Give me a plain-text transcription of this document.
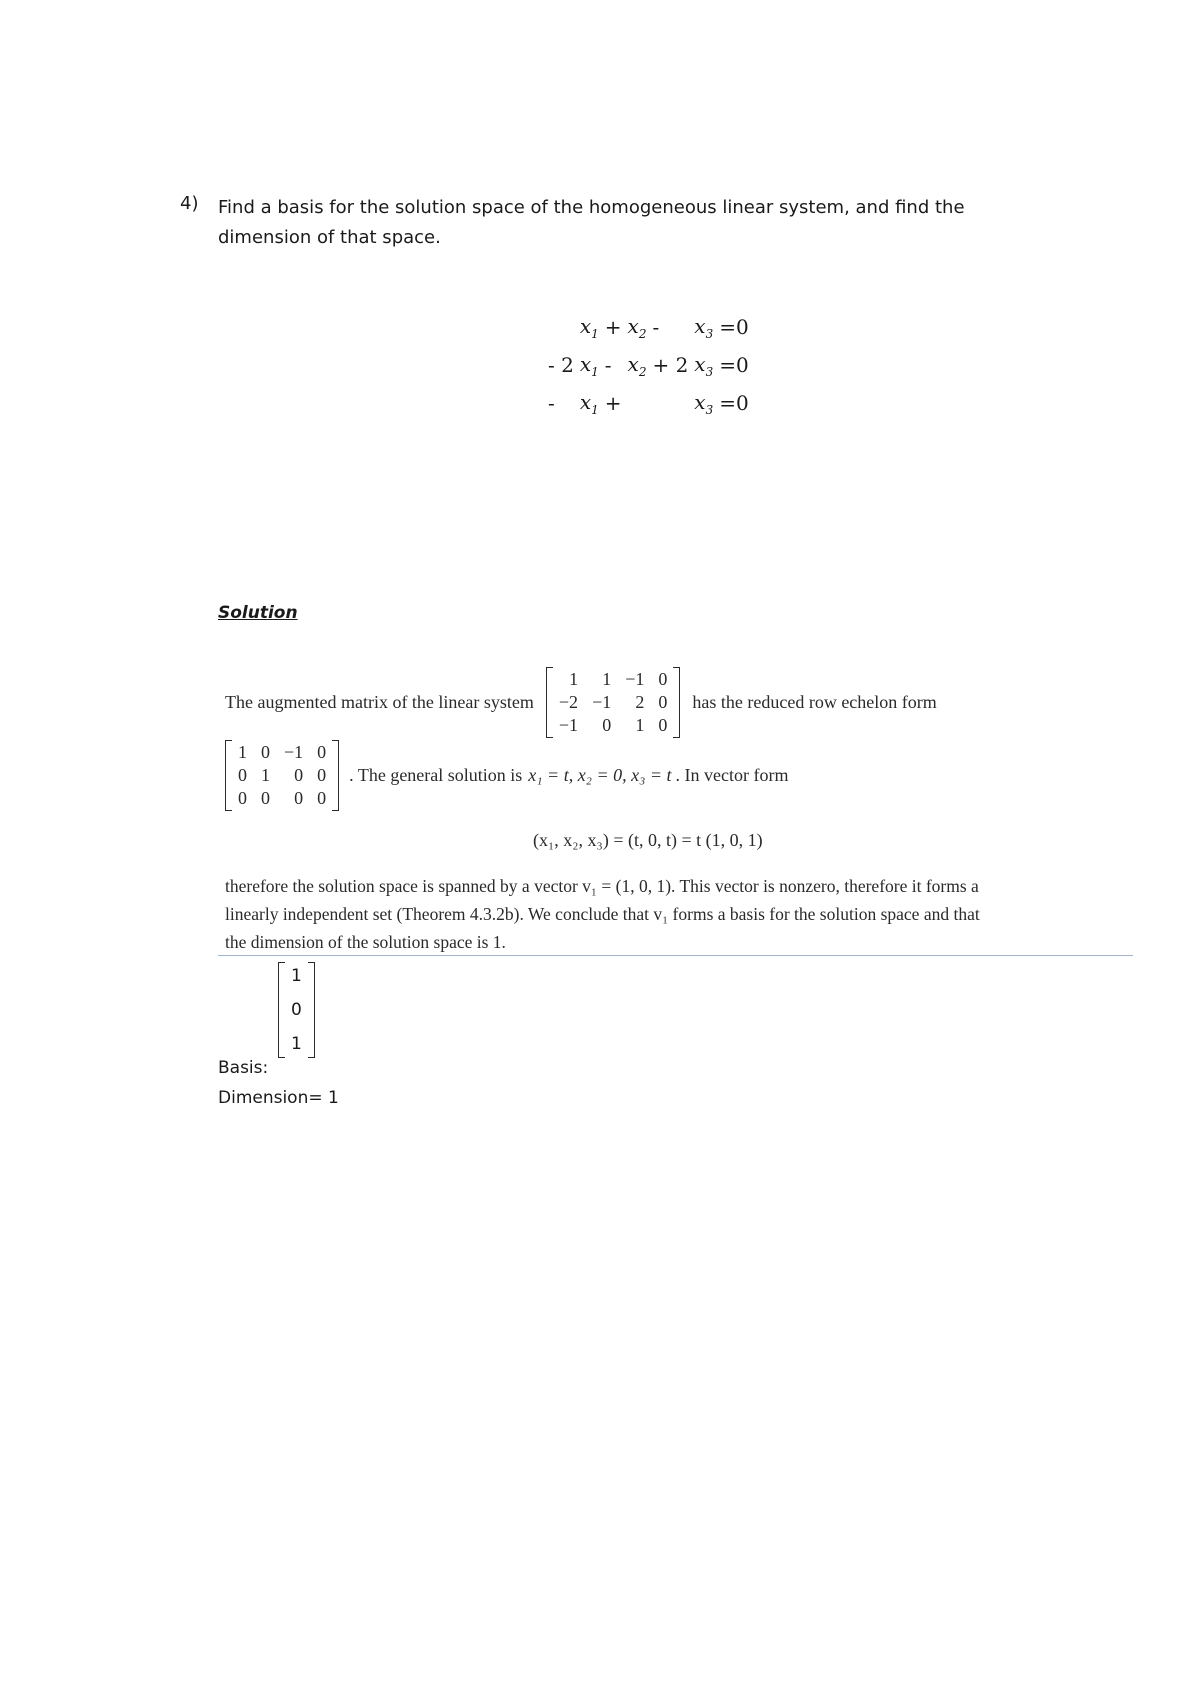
4) Find a basis for the solution space of the homogeneous linear system, and find the dimension of that space.
	$x_1$	+	$x_2$	-	$x_3$	=0
- 2	$x_1$	-	$x_2$	+ 2	$x_3$	=0
-	$x_1$	+			$x_3$	=0
Solution
The augmented matrix of the linear system
1	1 −1 0
−2 −1	2 0
−1	0	1 0
has the reduced row echelon form
1 0 −1 0
0 1	0 0
0 0	0 0
. The general solution is x₁ = t, x₂ = 0, x₃ = t . In vector form
(x₁, x₂, x₃) = (t, 0, t) = t (1, 0, 1)
therefore the solution space is spanned by a vector v₁ = (1, 0, 1). This vector is nonzero, therefore it forms a
linearly independent set (Theorem 4.3.2b). We conclude that v₁ forms a basis for the solution space and that
the dimension of the solution space is 1.
1
0
1
Basis:
Dimension= 1
